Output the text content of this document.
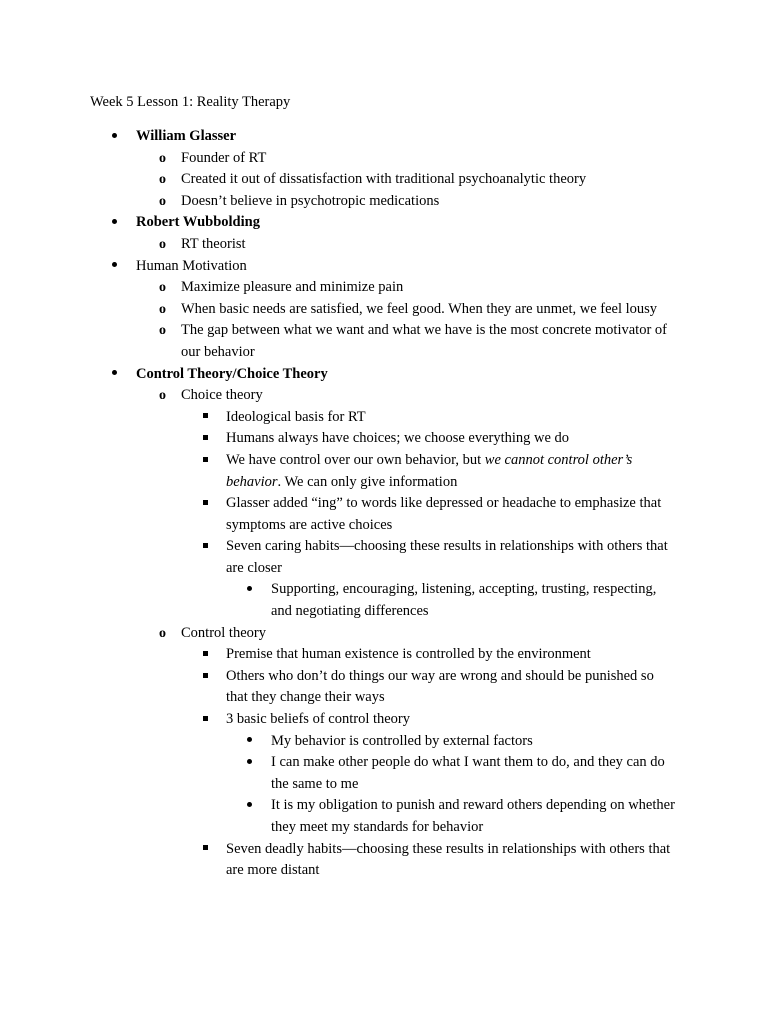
Week 5 Lesson 1: Reality Therapy
William Glasser
o Founder of RT
o Created it out of dissatisfaction with traditional psychoanalytic theory
o Doesn’t believe in psychotropic medications
Robert Wubbolding
o RT theorist
Human Motivation
o Maximize pleasure and minimize pain
o When basic needs are satisfied, we feel good. When they are unmet, we feel lousy
o The gap between what we want and what we have is the most concrete motivator of our behavior
Control Theory/Choice Theory
o Choice theory
Ideological basis for RT
Humans always have choices; we choose everything we do
We have control over our own behavior, but we cannot control other’s behavior. We can only give information
Glasser added “ing” to words like depressed or headache to emphasize that symptoms are active choices
Seven caring habits—choosing these results in relationships with others that are closer
Supporting, encouraging, listening, accepting, trusting, respecting, and negotiating differences
o Control theory
Premise that human existence is controlled by the environment
Others who don’t do things our way are wrong and should be punished so that they change their ways
3 basic beliefs of control theory
My behavior is controlled by external factors
I can make other people do what I want them to do, and they can do the same to me
It is my obligation to punish and reward others depending on whether they meet my standards for behavior
Seven deadly habits—choosing these results in relationships with others that are more distant
